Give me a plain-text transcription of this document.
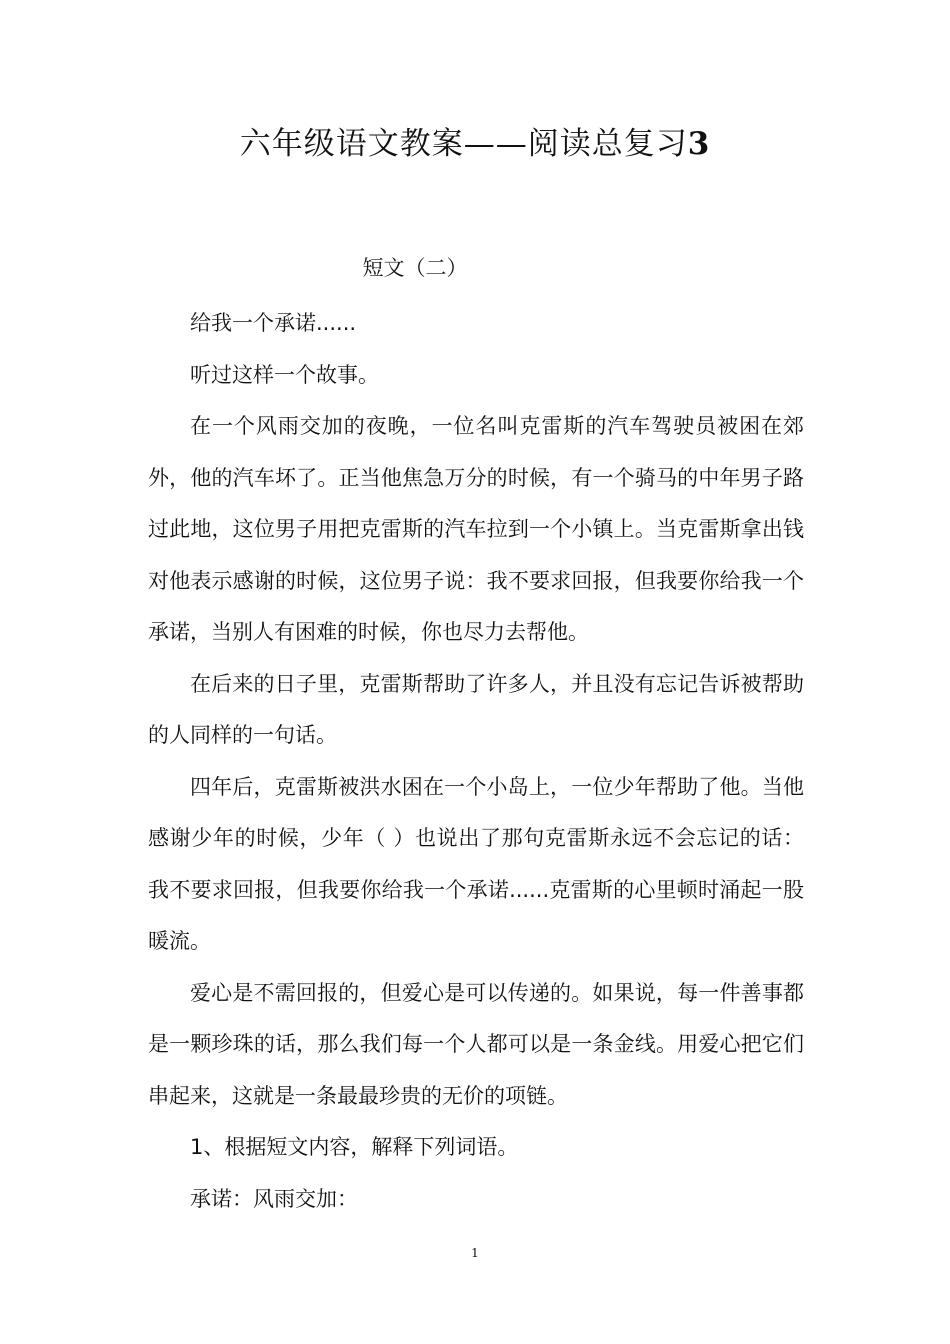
六年级语文教案——阅读总复习3

短文（二）

给我一个承诺......

听过这样一个故事。

在一个风雨交加的夜晚，一位名叫克雷斯的汽车驾驶员被困在郊外，他的汽车坏了。正当他焦急万分的时候，有一个骑马的中年男子路过此地，这位男子用把克雷斯的汽车拉到一个小镇上。当克雷斯拿出钱对他表示感谢的时候，这位男子说：我不要求回报，但我要你给我一个承诺，当别人有困难的时候，你也尽力去帮他。

在后来的日子里，克雷斯帮助了许多人，并且没有忘记告诉被帮助的人同样的一句话。

四年后，克雷斯被洪水困在一个小岛上，一位少年帮助了他。当他感谢少年的时候，少年（ ）也说出了那句克雷斯永远不会忘记的话：我不要求回报，但我要你给我一个承诺......克雷斯的心里顿时涌起一股暖流。

爱心是不需回报的，但爱心是可以传递的。如果说，每一件善事都是一颗珍珠的话，那么我们每一个人都可以是一条金线。用爱心把它们串起来，这就是一条最最珍贵的无价的项链。

1、根据短文内容，解释下列词语。

承诺：风雨交加：

1
